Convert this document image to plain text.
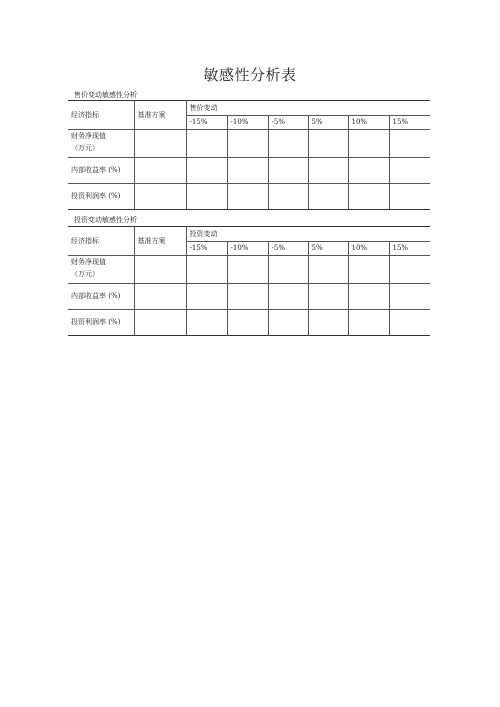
敏感性分析表
售价变动敏感性分析
经济指标	基准方案	售价变动					
		-15%	-10%	-5%	5%	10%	15%

财务净现值
（万元）							

内部收益率 (%)							
投资利润率 (%)							
投资变动敏感性分析
经济指标	基准方案	投资变动					
		-15%	-10%	-5%	5%	10%	15%

财务净现值
（万元）							

内部收益率 (%)							
投资利润率 (%)							
